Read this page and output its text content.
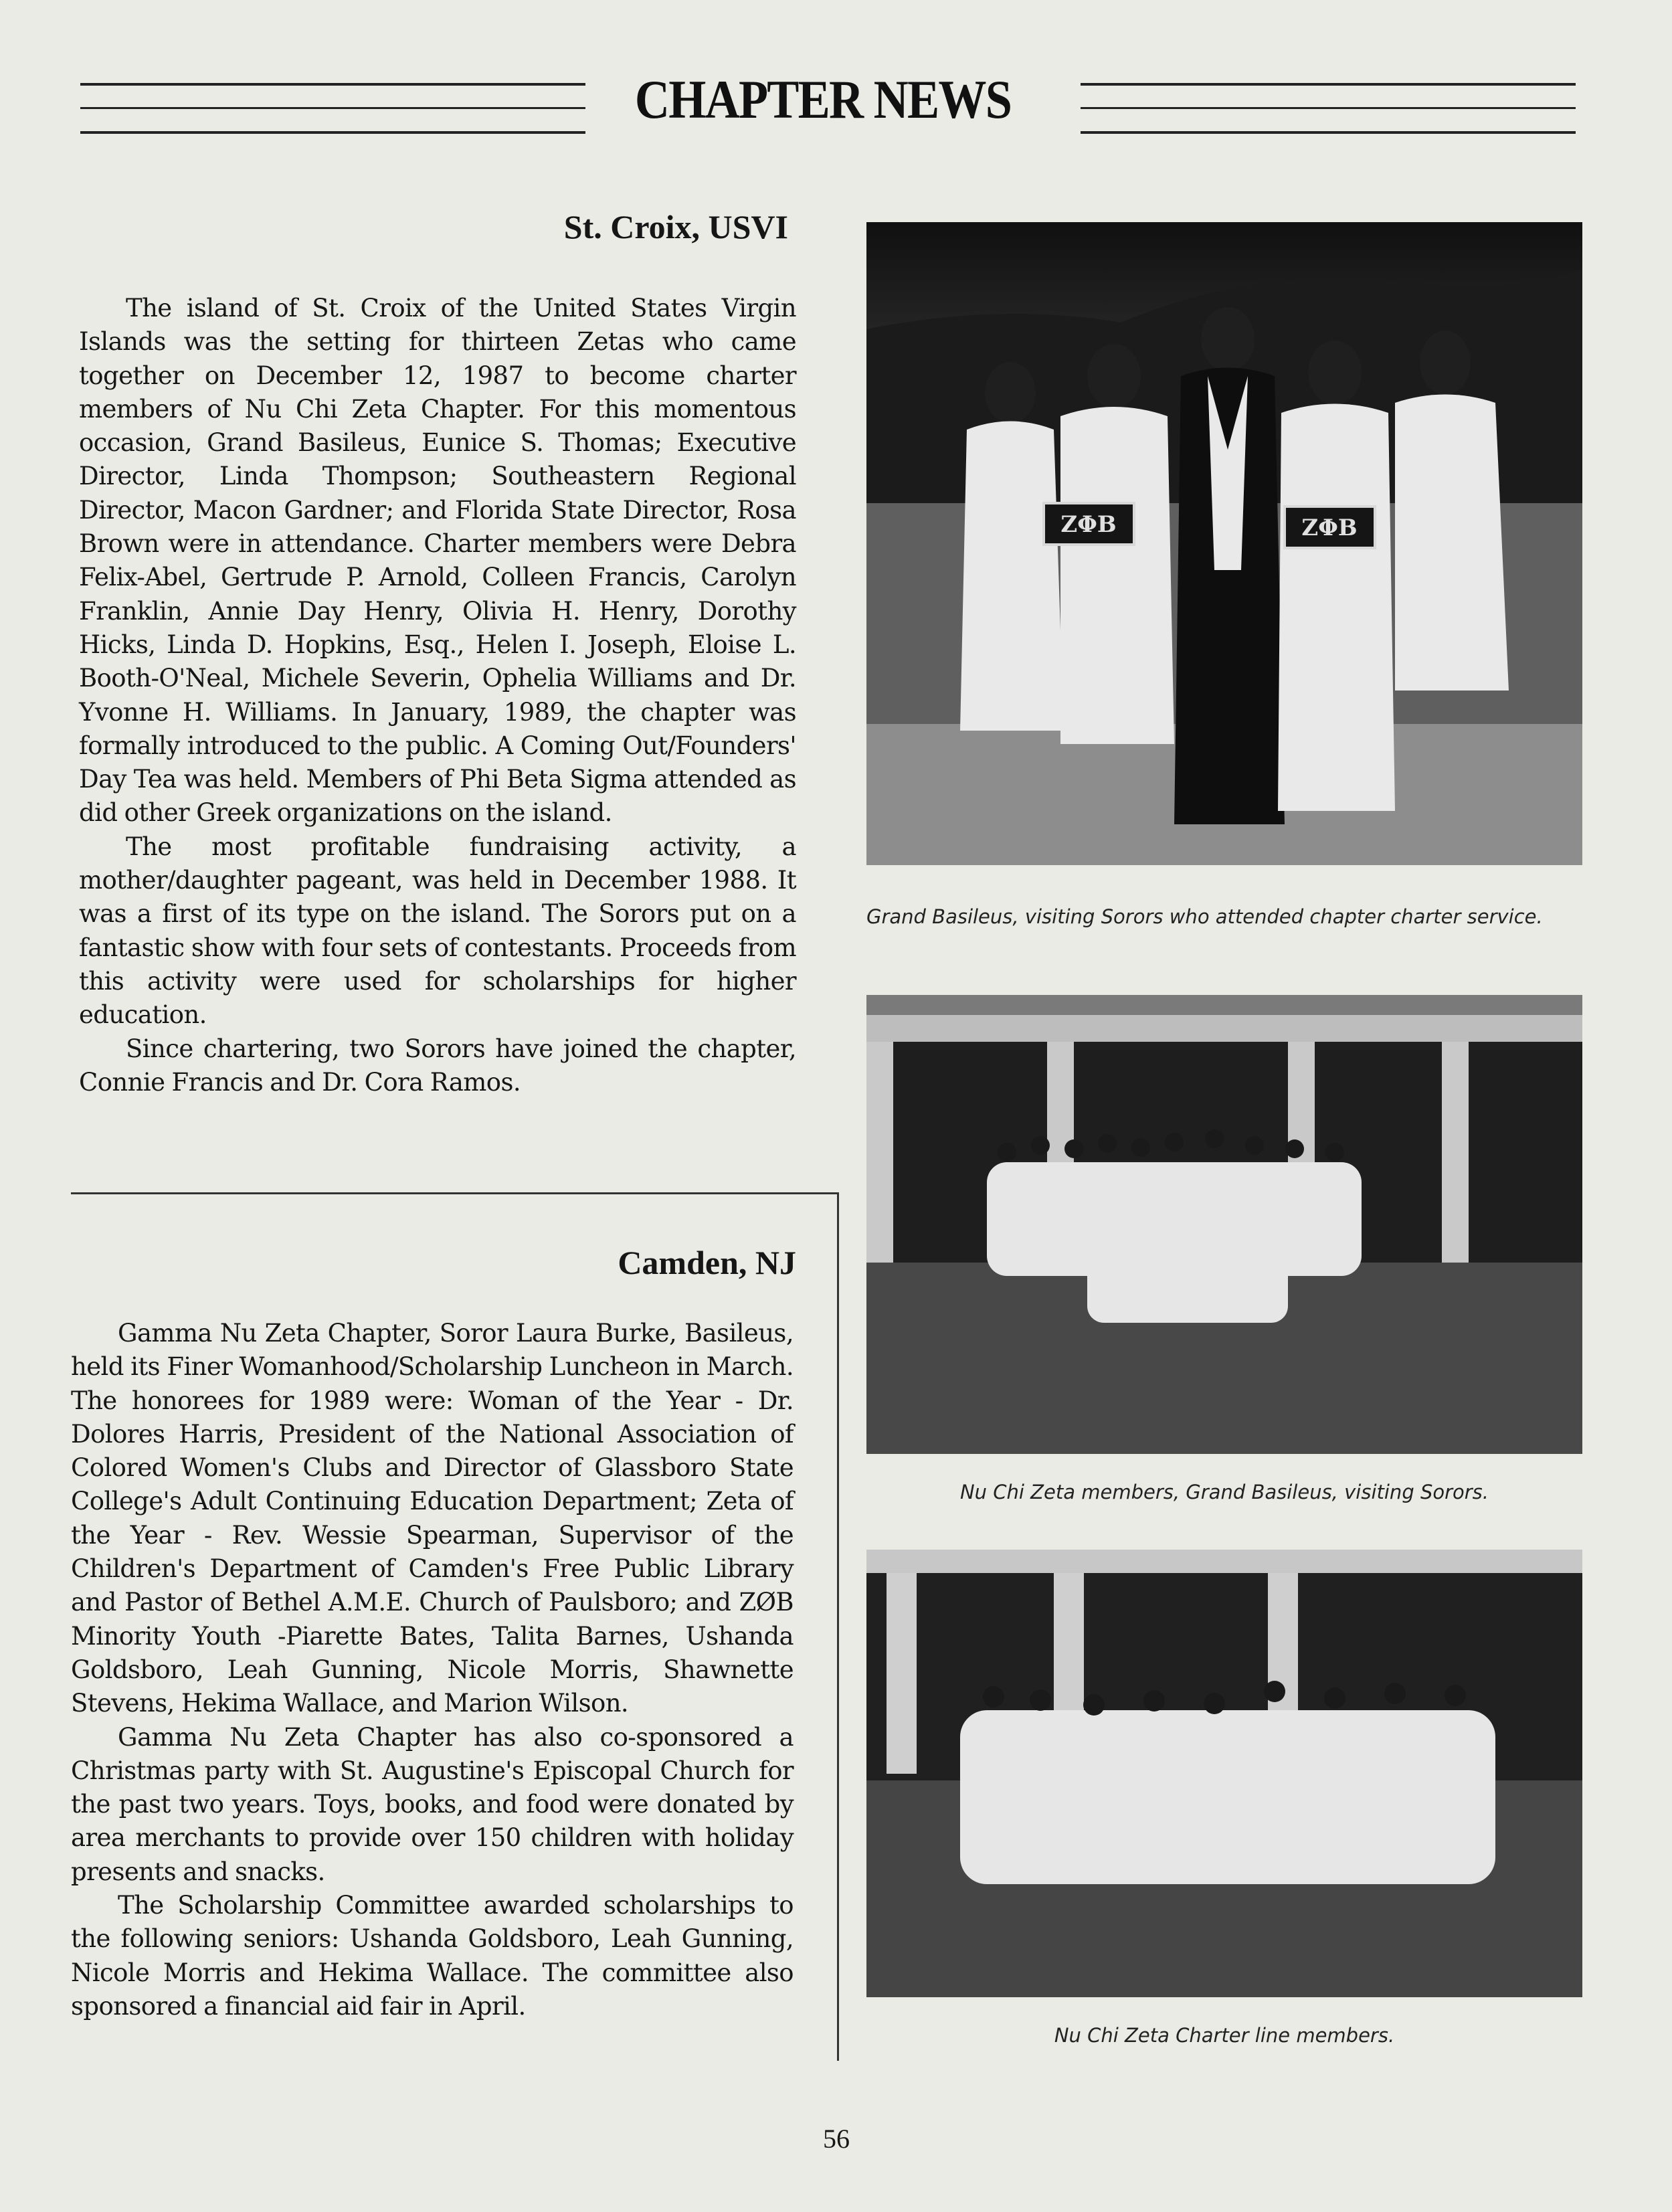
CHAPTER NEWS
St. Croix, USVI

The island of St. Croix of the United States Virgin Islands was the setting for thirteen Zetas who came together on December 12, 1987 to become charter members of Nu Chi Zeta Chapter. For this momentous occasion, Grand Basileus, Eunice S. Thomas; Executive Director, Linda Thompson; Southeastern Regional Director, Macon Gardner; and Florida State Director, Rosa Brown were in attendance. Charter members were Debra Felix-Abel, Gertrude P. Arnold, Colleen Francis, Carolyn Franklin, Annie Day Henry, Olivia H. Henry, Dorothy Hicks, Linda D. Hopkins, Esq., Helen I. Joseph, Eloise L. Booth-O'Neal, Michele Severin, Ophelia Williams and Dr. Yvonne H. Williams. In January, 1989, the chapter was formally introduced to the public. A Coming Out/Founders' Day Tea was held. Members of Phi Beta Sigma attended as did other Greek organizations on the island.

The most profitable fundraising activity, a mother/daughter pageant, was held in December 1988. It was a first of its type on the island. The Sorors put on a fantastic show with four sets of contestants. Proceeds from this activity were used for scholarships for higher education.

Since chartering, two Sorors have joined the chapter, Connie Francis and Dr. Cora Ramos.

Camden, NJ

Gamma Nu Zeta Chapter, Soror Laura Burke, Basileus, held its Finer Womanhood/Scholarship Luncheon in March. The honorees for 1989 were: Woman of the Year - Dr. Dolores Harris, President of the National Association of Colored Women's Clubs and Director of Glassboro State College's Adult Continuing Education Department; Zeta of the Year - Rev. Wessie Spearman, Supervisor of the Children's Department of Camden's Free Public Library and Pastor of Bethel A.M.E. Church of Paulsboro; and ZØB Minority Youth -Piarette Bates, Talita Barnes, Ushanda Goldsboro, Leah Gunning, Nicole Morris, Shawnette Stevens, Hekima Wallace, and Marion Wilson.

Gamma Nu Zeta Chapter has also co-sponsored a Christmas party with St. Augustine's Episcopal Church for the past two years. Toys, books, and food were donated by area merchants to provide over 150 children with holiday presents and snacks.

The Scholarship Committee awarded scholarships to the following seniors: Ushanda Goldsboro, Leah Gunning, Nicole Morris and Hekima Wallace. The committee also sponsored a financial aid fair in April.

ΖΦΒ	ΖΦΒ
Grand Basileus, visiting Sorors who attended chapter charter service.
Nu Chi Zeta members, Grand Basileus, visiting Sorors.
Nu Chi Zeta Charter line members.
56
